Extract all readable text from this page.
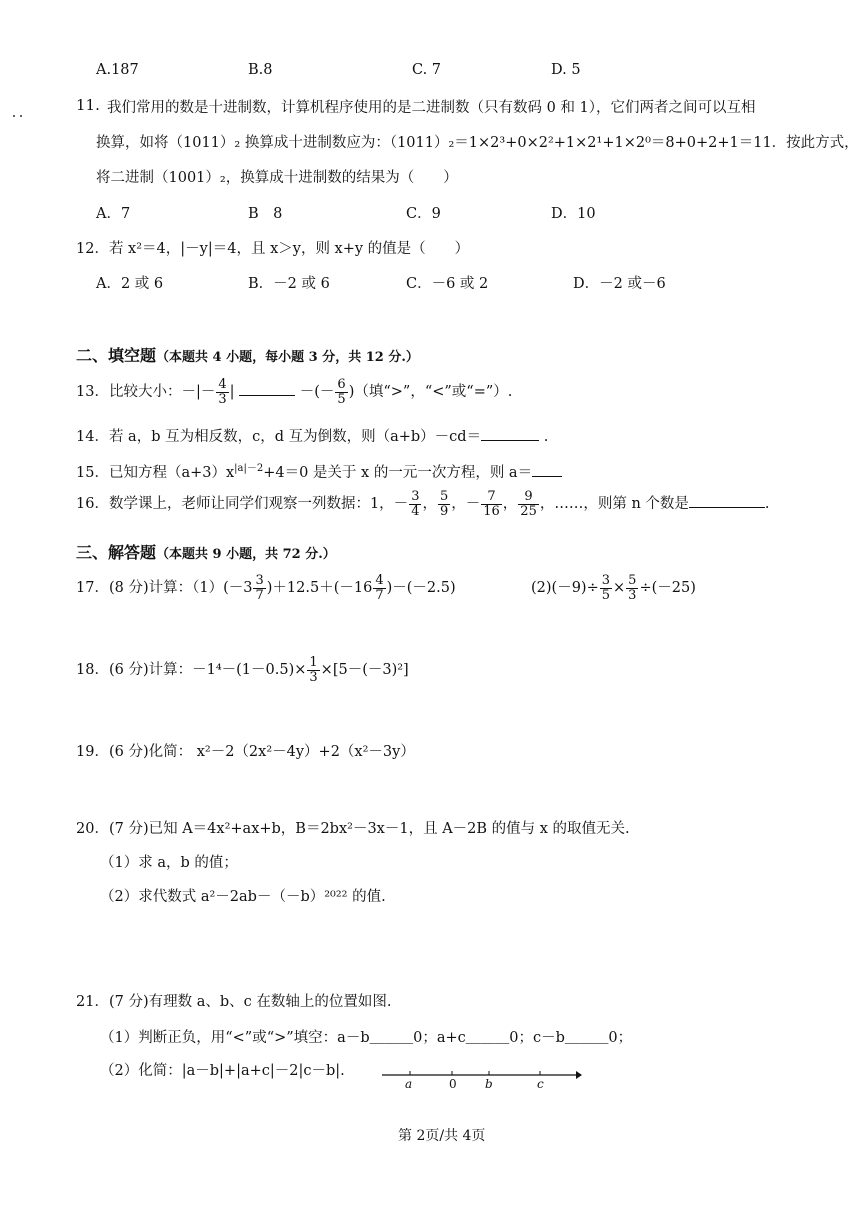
A.187	B.8	C. 7	D. 5
11. 我们常用的数是十进制数，计算机程序使用的是二进制数（只有数码 0 和 1），它们两者之间可以互相
换算，如将（1011）₂ 换算成十进制数应为：（1011）₂＝1×2³+0×2²+1×2¹+1×2⁰＝8+0+2+1＝11．按此方式，
将二进制（1001）₂，换算成十进制数的结果为（　　）
A．7	B　8	C．9	D．10
12．若 x²＝4，|－y|＝4，且 x＞y，则 x+y 的值是（　　）
A．2 或 6	B．－2 或 6	C．－6 或 2	D．－2 或－6
二、填空题（本题共 4 小题，每小题 3 分，共 12 分.）
13．比较大小：－|－ $\frac{4}{3}$ |	－(－ $\frac{6}{5}$ )（填“>”，“<”或“=”）.
14．若 a，b 互为相反数，c，d 互为倒数，则（a+b）－cd＝	.
15．已知方程$(a+3)x^{|a|-2}+4=0$ 是关于 x 的一元一次方程，则 a＝
16．数学课上，老师让同学们观察一列数据：1，－ $\frac{3}{4}$ ， $\frac{5}{9}$ ，－ $\frac{7}{16}$ ， $\frac{9}{25}$ ，……，则第 n 个数是	.
三、解答题（本题共 9 小题，共 72 分.）
17．(8 分)计算：$(1)(-3 \frac{3}{7} )+12.5+(-16 \frac{4}{7} )-(-2.5)$	$(2)(-9)\div \frac{3}{5} \times \frac{5}{3} \div(-25)$
18．(6 分)计算：$-1^4-(1-0.5)\times \frac{1}{3} \times[5-(-3)^2]$
19．(6 分)化简： x²－2（2x²－4y）+2（x²－3y）
20．(7 分)已知 A＝4x²+ax+b，B＝2bx²－3x－1，且 A－2B 的值与 x 的取值无关.
（1）求 a，b 的值；
（2）求代数式 a²－2ab－（－b）²⁰²² 的值.
21．(7 分)有理数 a、b、c 在数轴上的位置如图.
（1）判断正负，用“<”或“>”填空：a－b＿＿＿0；a+c＿＿＿0；c－b＿＿＿0；
（2）化简：|a－b|+|a+c|－2|c－b|.
a	0 b	c
第 2页/共 4页
